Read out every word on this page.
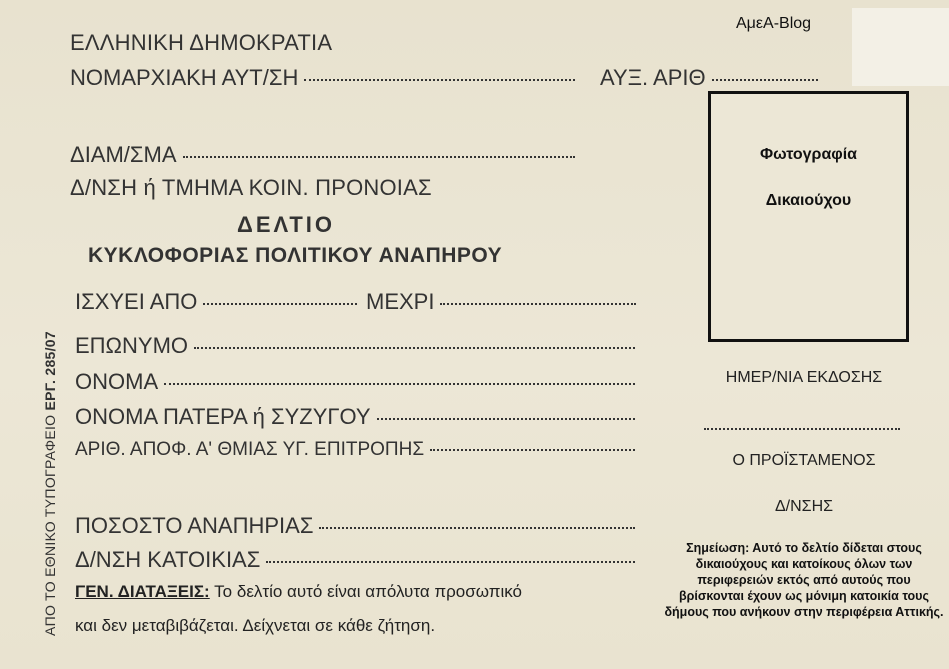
ΑμεΑ-Blog
ΕΛΛΗΝΙΚΗ ΔΗΜΟΚΡΑΤΙΑ
ΝΟΜΑΡΧΙΑΚΗ ΑΥΤ/ΣΗ	ΑΥΞ. ΑΡΙΘ
ΔΙΑΜ/ΣΜΑ
Δ/ΝΣΗ ή ΤΜΗΜΑ ΚΟΙΝ. ΠΡΟΝΟΙΑΣ
ΔΕΛΤΙΟ
ΚΥΚΛΟΦΟΡΙΑΣ ΠΟΛΙΤΙΚΟΥ ΑΝΑΠΗΡΟΥ
ΙΣΧΥΕΙ ΑΠΟ	ΜΕΧΡΙ
ΕΠΩΝΥΜΟ
ΟΝΟΜΑ
ΟΝΟΜΑ ΠΑΤΕΡΑ ή ΣΥΖΥΓΟΥ
ΑΡΙΘ. ΑΠΟΦ. Α' ΘΜΙΑΣ ΥΓ. ΕΠΙΤΡΟΠΗΣ
ΠΟΣΟΣΤΟ ΑΝΑΠΗΡΙΑΣ
Δ/ΝΣΗ ΚΑΤΟΙΚΙΑΣ
ΓΕΝ. ΔΙΑΤΑΞΕΙΣ: Το δελτίο αυτό είναι απόλυτα προσωπικό
και δεν μεταβιβάζεται. Δείχνεται σε κάθε ζήτηση.
ΑΠΟ ΤΟ ΕΘΝΙΚΟ ΤΥΠΟΓΡΑΦΕΙΟ ΕΡΓ. 285/07
Φωτογραφία
Δικαιούχου
ΗΜΕΡ/ΝΙΑ ΕΚΔΟΣΗΣ
Ο ΠΡΟΪΣΤΑΜΕΝΟΣ
Δ/ΝΣΗΣ
Σημείωση: Αυτό το δελτίο δίδεται στους δικαιούχους και κατοίκους όλων των περιφερειών εκτός από αυτούς που βρίσκονται έχουν ως μόνιμη κατοικία τους δήμους που ανήκουν στην περιφέρεια Αττικής.
